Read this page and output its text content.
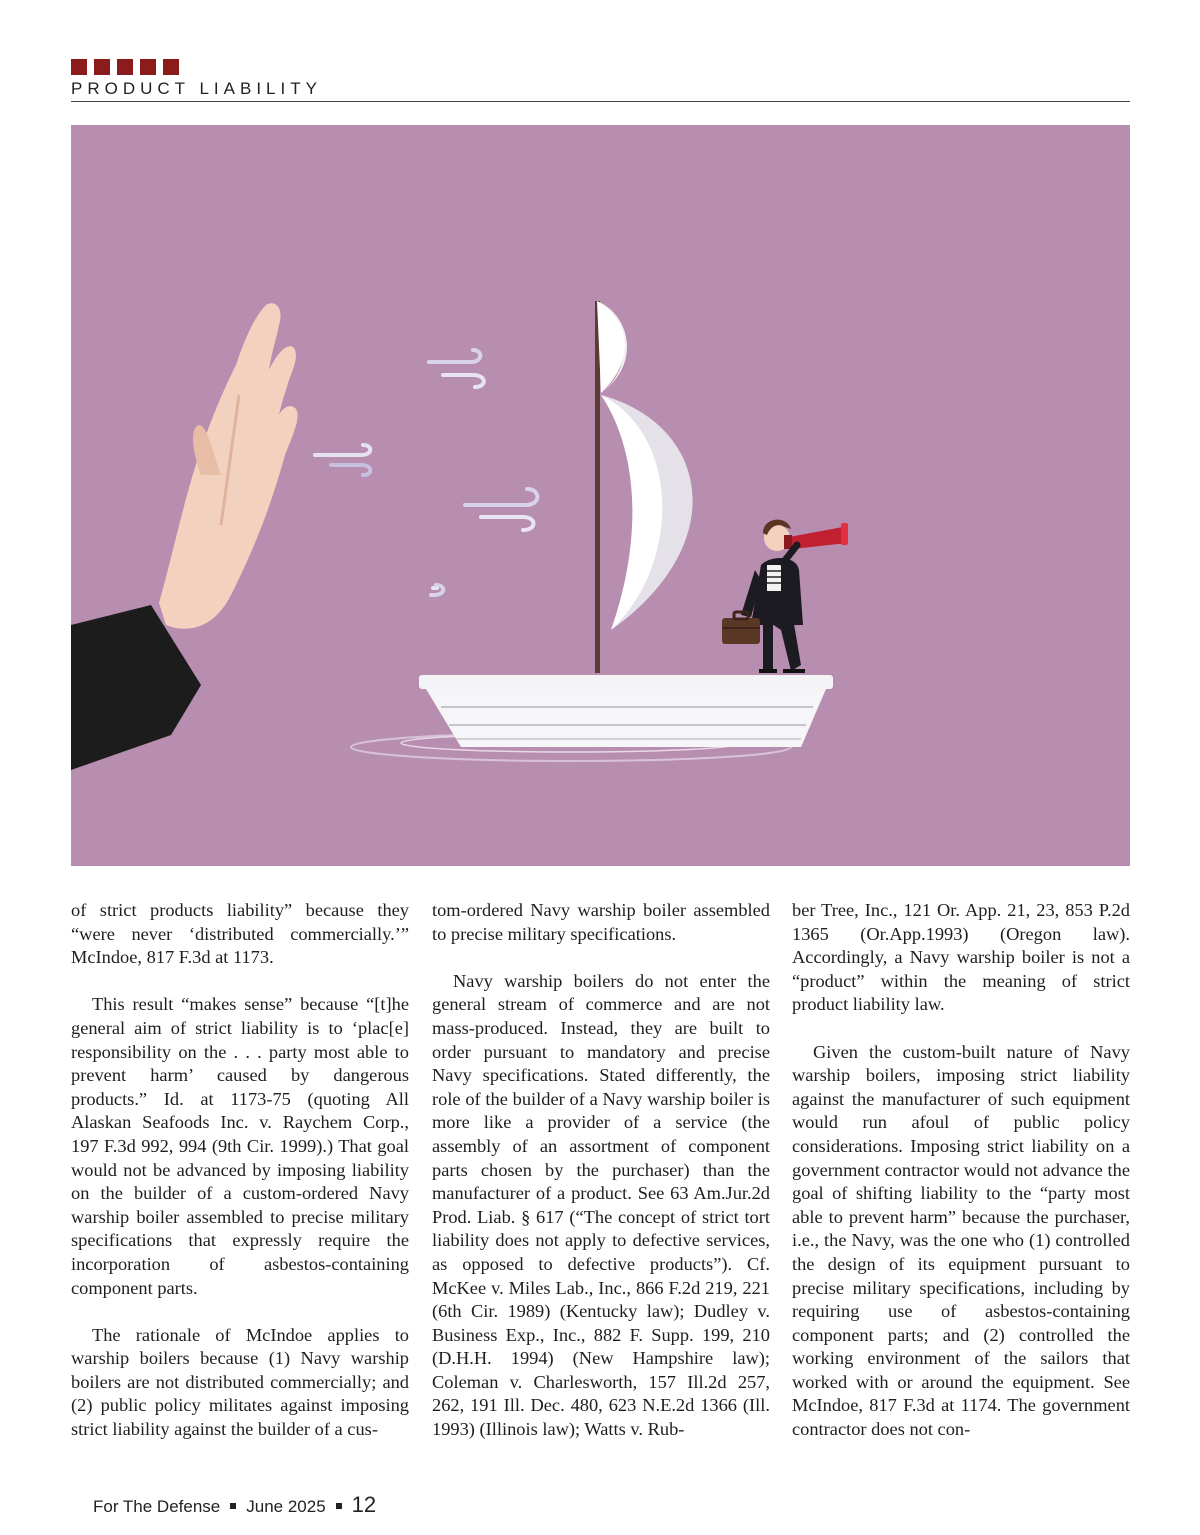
PRODUCT LIABILITY

of strict products liability” because they “were never ‘distributed commercially.’” McIndoe, 817 F.3d at 1173.

This result “makes sense” because “[t]he general aim of strict liability is to ‘plac[e] responsibility on the . . . party most able to prevent harm’ caused by dangerous products.” Id. at 1173-75 (quoting All Alaskan Seafoods Inc. v. Raychem Corp., 197 F.3d 992, 994 (9th Cir. 1999).) That goal would not be advanced by imposing liability on the builder of a custom-ordered Navy warship boiler assembled to precise military specifications that expressly require the incorporation of asbestos-containing component parts.

The rationale of McIndoe applies to warship boilers because (1) Navy warship boilers are not distributed commercially; and (2) public policy militates against imposing strict liability against the builder of a cus-

tom-ordered Navy warship boiler assembled to precise military specifications.

Navy warship boilers do not enter the general stream of commerce and are not mass-produced. Instead, they are built to order pursuant to mandatory and precise Navy specifications. Stated differently, the role of the builder of a Navy warship boiler is more like a provider of a service (the assembly of an assortment of component parts chosen by the purchaser) than the manufacturer of a product. See 63 Am.Jur.2d Prod. Liab. § 617 (“The concept of strict tort liability does not apply to defective services, as opposed to defective products”). Cf. McKee v. Miles Lab., Inc., 866 F.2d 219, 221 (6th Cir. 1989) (Kentucky law); Dudley v. Business Exp., Inc., 882 F. Supp. 199, 210 (D.H.H. 1994) (New Hampshire law); Coleman v. Charlesworth, 157 Ill.2d 257, 262, 191 Ill. Dec. 480, 623 N.E.2d 1366 (Ill. 1993) (Illinois law); Watts v. Rub-

ber Tree, Inc., 121 Or. App. 21, 23, 853 P.2d 1365 (Or.App.1993) (Oregon law). Accordingly, a Navy warship boiler is not a “product” within the meaning of strict product liability law.

Given the custom-built nature of Navy warship boilers, imposing strict liability against the manufacturer of such equipment would run afoul of public policy considerations. Imposing strict liability on a government contractor would not advance the goal of shifting liability to the “party most able to prevent harm” because the purchaser, i.e., the Navy, was the one who (1) controlled the design of its equipment pursuant to precise military specifications, including by requiring use of asbestos-containing component parts; and (2) controlled the working environment of the sailors that worked with or around the equipment. See McIndoe, 817 F.3d at 1174. The government contractor does not con-

For The Defense June 2025 12
